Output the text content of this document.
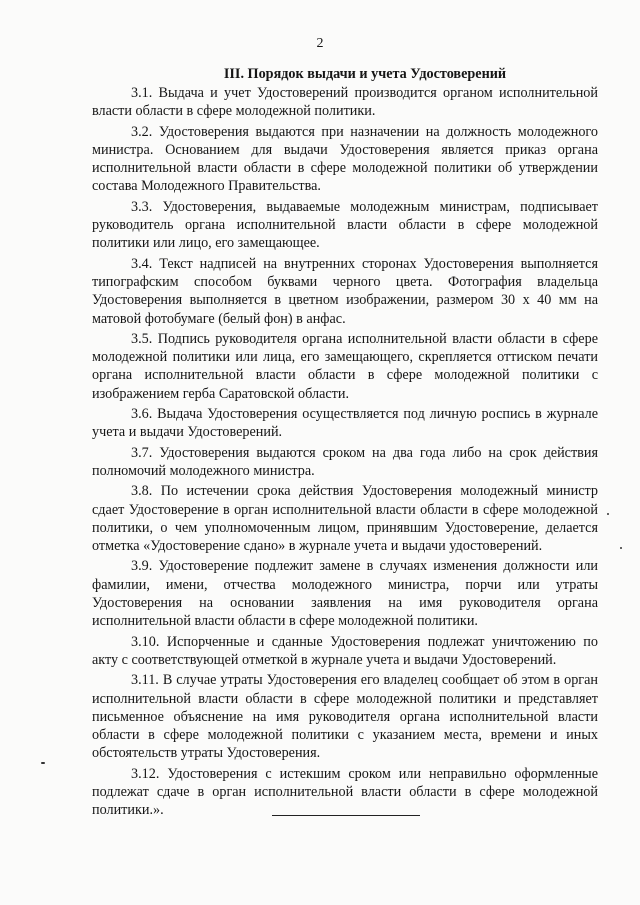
2
III. Порядок выдачи и учета Удостоверений

3.1. Выдача и учет Удостоверений производится органом исполнительной власти области в сфере молодежной политики.

3.2. Удостоверения выдаются при назначении на должность молодежного министра. Основанием для выдачи Удостоверения является приказ органа исполнительной власти области в сфере молодежной политики об утверждении состава Молодежного Правительства.

3.3. Удостоверения, выдаваемые молодежным министрам, подписывает руководитель органа исполнительной власти области в сфере молодежной политики или лицо, его замещающее.

3.4. Текст надписей на внутренних сторонах Удостоверения выполняется типографским способом буквами черного цвета. Фотография владельца Удостоверения выполняется в цветном изображении, размером 30 х 40 мм на матовой фотобумаге (белый фон) в анфас.

3.5. Подпись руководителя органа исполнительной власти области в сфере молодежной политики или лица, его замещающего, скрепляется оттиском печати органа исполнительной власти области в сфере молодежной политики с изображением герба Саратовской области.

3.6. Выдача Удостоверения осуществляется под личную роспись в журнале учета и выдачи Удостоверений.

3.7. Удостоверения выдаются сроком на два года либо на срок действия полномочий молодежного министра.

3.8. По истечении срока действия Удостоверения молодежный министр сдает Удостоверение в орган исполнительной власти области в сфере молодежной политики, о чем уполномоченным лицом, принявшим Удостоверение, делается отметка «Удостоверение сдано» в журнале учета и выдачи удостоверений.

3.9. Удостоверение подлежит замене в случаях изменения должности или фамилии, имени, отчества молодежного министра, порчи или утраты Удостоверения на основании заявления на имя руководителя органа исполнительной власти области в сфере молодежной политики.

3.10. Испорченные и сданные Удостоверения подлежат уничтожению по акту с соответствующей отметкой в журнале учета и выдачи Удостоверений.

3.11. В случае утраты Удостоверения его владелец сообщает об этом в орган исполнительной власти области в сфере молодежной политики и представляет письменное объяснение на имя руководителя органа исполнительной власти области в сфере молодежной политики с указанием места, времени и иных обстоятельств утраты Удостоверения.

3.12. Удостоверения с истекшим сроком или неправильно оформленные подлежат сдаче в орган исполнительной власти области в сфере молодежной политики.».
